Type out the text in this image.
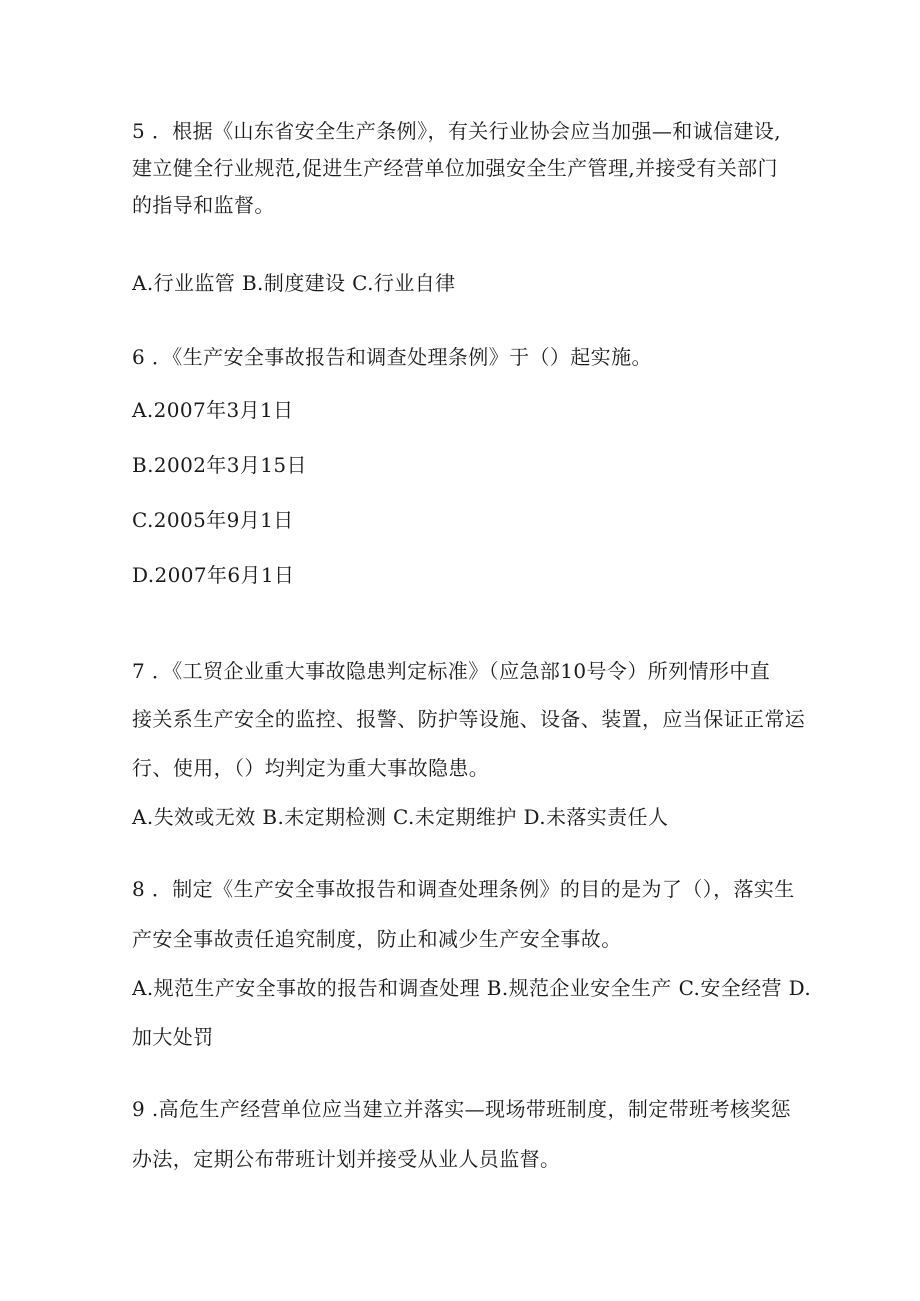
5 ．根据《山东省安全生产条例》，有关行业协会应当加强—和诚信建设,
建立健全行业规范,促进生产经营单位加强安全生产管理,并接受有关部门
的指导和监督。
A.行业监管 B.制度建设 C.行业自律
6 ．《生产安全事故报告和调查处理条例》于（）起实施。
A.2007年3月1日
B.2002年3月15日
C.2005年9月1日
D.2007年6月1日
7 ．《工贸企业重大事故隐患判定标准》（应急部10号令）所列情形中直
接关系生产安全的监控、报警、防护等设施、设备、装置，应当保证正常运
行、使用，（）均判定为重大事故隐患。
A.失效或无效 B.未定期检测 C.未定期维护 D.未落实责任人
8 ．制定《生产安全事故报告和调查处理条例》的目的是为了（），落实生
产安全事故责任追究制度，防止和减少生产安全事故。
A.规范生产安全事故的报告和调查处理 B.规范企业安全生产 C.安全经营 D.
加大处罚
9 .高危生产经营单位应当建立并落实—现场带班制度，制定带班考核奖惩
办法，定期公布带班计划并接受从业人员监督。
